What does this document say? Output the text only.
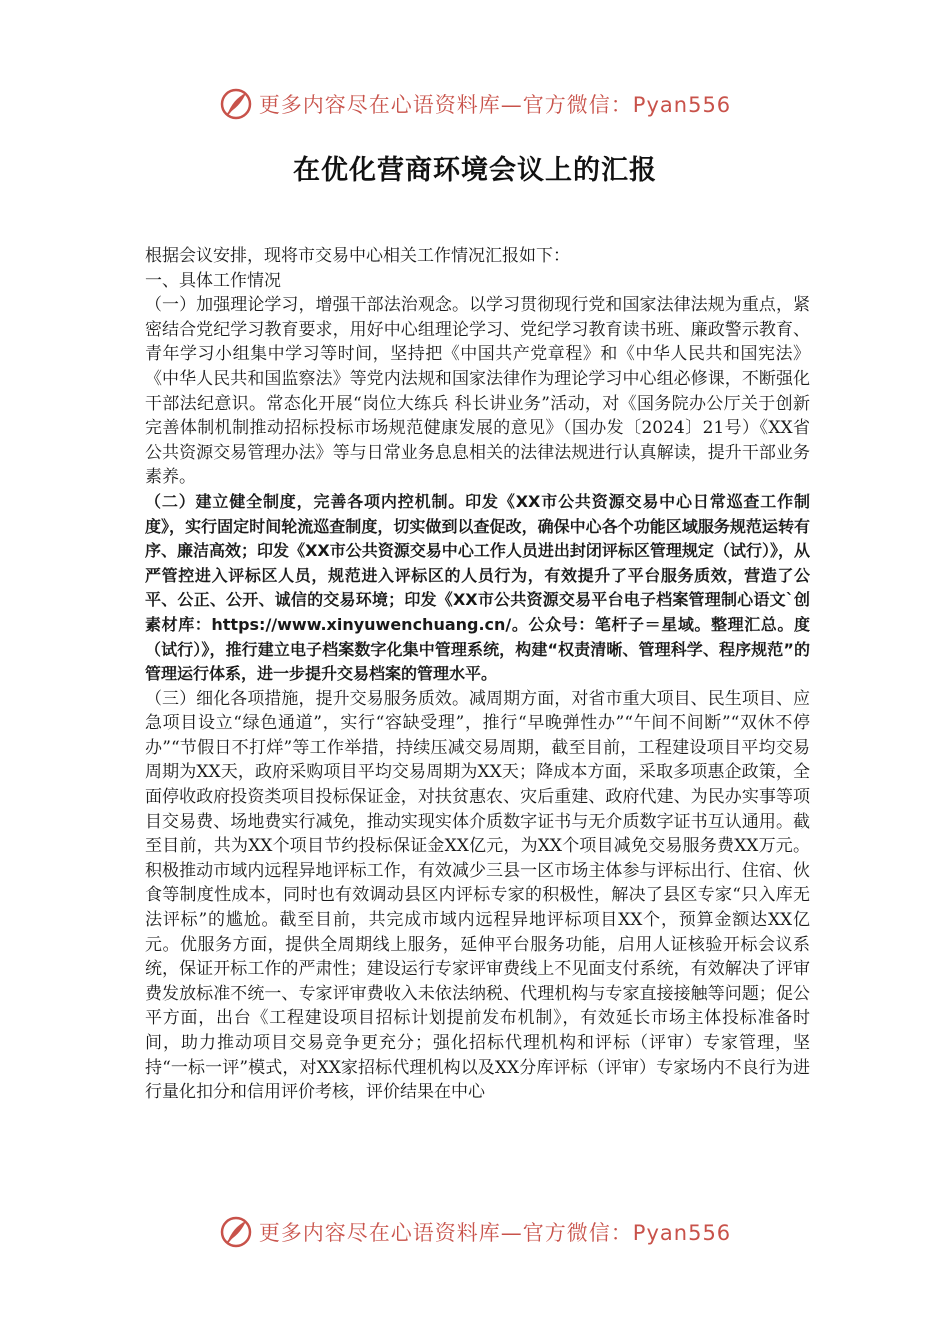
更多内容尽在心语资料库—官方微信：Pyan556
在优化营商环境会议上的汇报

根据会议安排，现将市交易中心相关工作情况汇报如下：

一、具体工作情况

（一）加强理论学习，增强干部法治观念。以学习贯彻现行党和国家法律法规为重点，紧密结合党纪学习教育要求，用好中心组理论学习、党纪学习教育读书班、廉政警示教育、青年学习小组集中学习等时间，坚持把《中国共产党章程》和《中华人民共和国宪法》《中华人民共和国监察法》等党内法规和国家法律作为理论学习中心组必修课，不断强化干部法纪意识。常态化开展“岗位大练兵 科长讲业务”活动，对《国务院办公厅关于创新完善体制机制推动招标投标市场规范健康发展的意见》（国办发〔2024〕21号）《XX省公共资源交易管理办法》等与日常业务息息相关的法律法规进行认真解读，提升干部业务素养。

（二）建立健全制度，完善各项内控机制。印发《XX市公共资源交易中心日常巡查工作制度》，实行固定时间轮流巡查制度，切实做到以查促改，确保中心各个功能区域服务规范运转有序、廉洁高效；印发《XX市公共资源交易中心工作人员进出封闭评标区管理规定（试行）》，从严管控进入评标区人员，规范进入评标区的人员行为，有效提升了平台服务质效，营造了公平、公正、公开、诚信的交易环境；印发《XX市公共资源交易平台电子档案管理制心语文`创素材库：https://www.xinyuwenchuang.cn/。公众号：笔杆子＝星域。整理汇总。度（试行）》，推行建立电子档案数字化集中管理系统，构建“权责清晰、管理科学、程序规范”的管理运行体系，进一步提升交易档案的管理水平。

（三）细化各项措施，提升交易服务质效。减周期方面，对省市重大项目、民生项目、应急项目设立“绿色通道”，实行“容缺受理”，推行“早晚弹性办”“午间不间断”“双休不停办”“节假日不打烊”等工作举措，持续压减交易周期，截至目前，工程建设项目平均交易周期为XX天，政府采购项目平均交易周期为XX天；降成本方面，采取多项惠企政策，全面停收政府投资类项目投标保证金，对扶贫惠农、灾后重建、政府代建、为民办实事等项目交易费、场地费实行减免，推动实现实体介质数字证书与无介质数字证书互认通用。截至目前，共为XX个项目节约投标保证金XX亿元，为XX个项目减免交易服务费XX万元。积极推动市域内远程异地评标工作，有效减少三县一区市场主体参与评标出行、住宿、伙食等制度性成本，同时也有效调动县区内评标专家的积极性，解决了县区专家“只入库无法评标”的尴尬。截至目前，共完成市域内远程异地评标项目XX个，预算金额达XX亿元。优服务方面，提供全周期线上服务，延伸平台服务功能，启用人证核验开标会议系统，保证开标工作的严肃性；建设运行专家评审费线上不见面支付系统，有效解决了评审费发放标准不统一、专家评审费收入未依法纳税、代理机构与专家直接接触等问题；促公平方面，出台《工程建设项目招标计划提前发布机制》，有效延长市场主体投标准备时间，助力推动项目交易竞争更充分；强化招标代理机构和评标（评审）专家管理，坚持“一标一评”模式，对XX家招标代理机构以及XX分库评标（评审）专家场内不良行为进行量化扣分和信用评价考核，评价结果在中心

更多内容尽在心语资料库—官方微信：Pyan556
